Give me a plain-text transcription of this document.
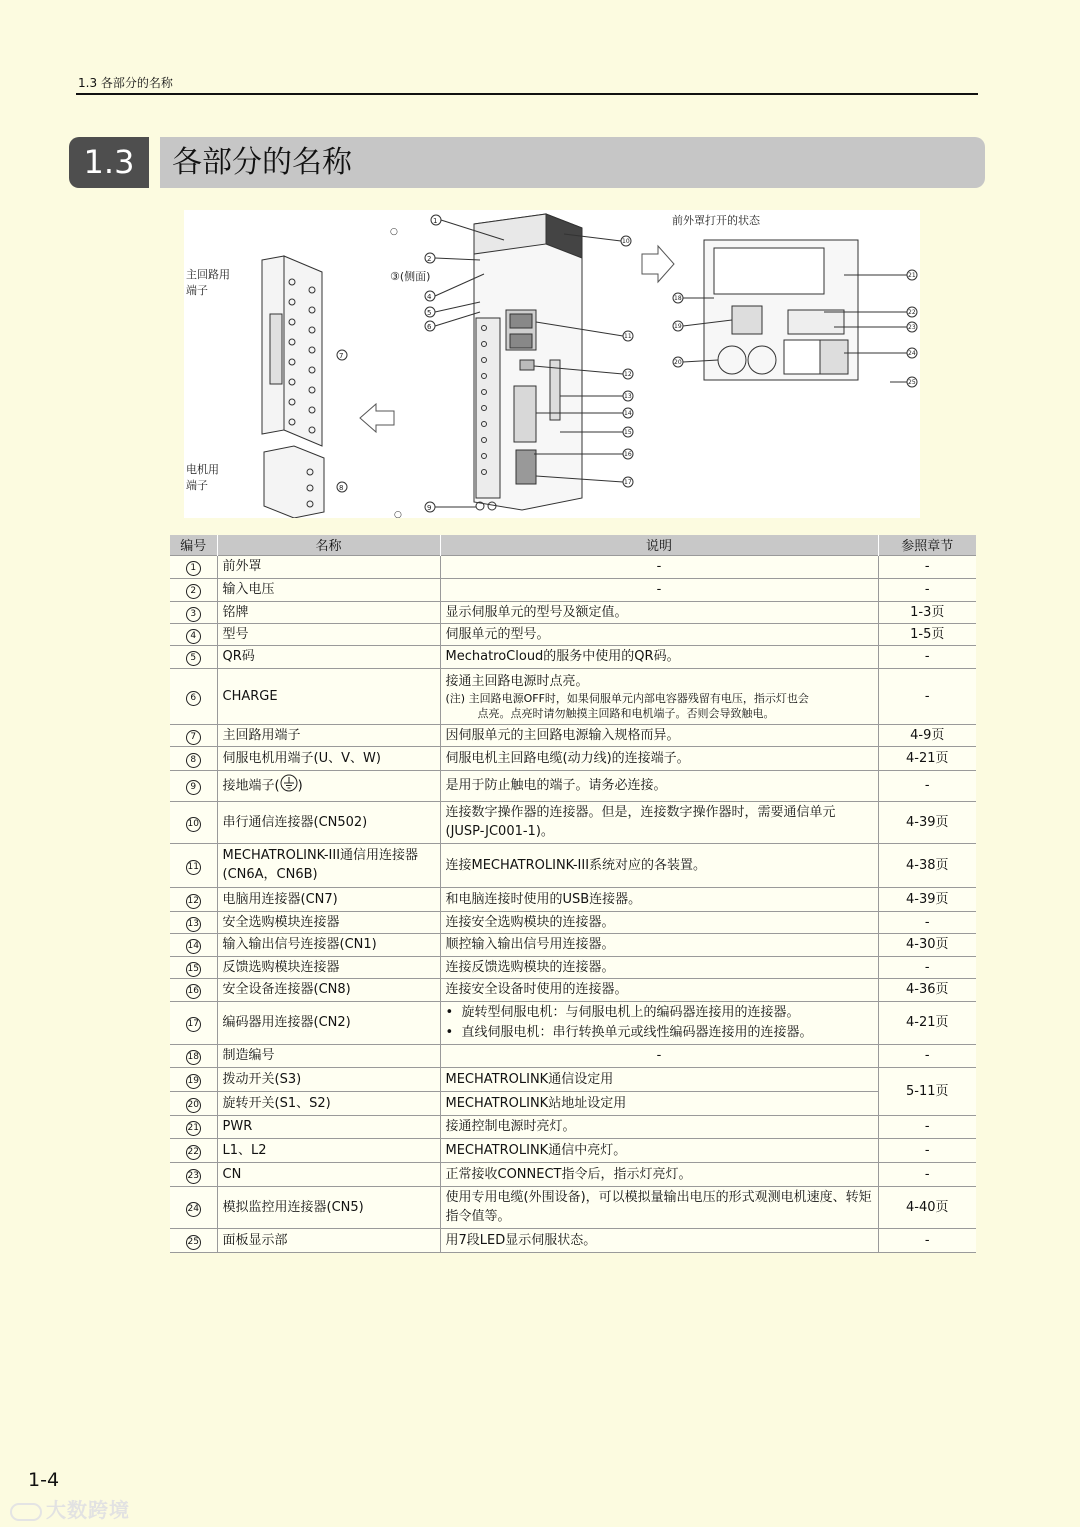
1.3 各部分的名称
1.3	各部分的名称
主回路用
端子
电机用
端子
7
8
○
○
③(侧面)
1
2
4
5
6
9
10
11
12
13
14
15
16
17
前外罩打开的状态
21
22
23
24
25
18
19
20
编号	名称	说明	参照章节
1	前外罩	-	-
2	输入电压	-	-
3	铭牌	显示伺服单元的型号及额定值。	1-3页
4	型号	伺服单元的型号。	1-5页
5	QR码	MechatroCloud的服务中使用的QR码。	-
6	CHARGE	接通主回路电源时点亮。
(注) 主回路电源OFF时，如果伺服单元内部电容器残留有电压，指示灯也会
点亮。点亮时请勿触摸主回路和电机端子。否则会导致触电。	-
7	主回路用端子	因伺服单元的主回路电源输入规格而异。	4-9页
8	伺服电机用端子(U、V、W)	伺服电机主回路电缆(动力线)的连接端子。	4-21页
9	接地端子( )	是用于防止触电的端子。请务必连接。	-
10	串行通信连接器(CN502)	连接数字操作器的连接器。但是，连接数字操作器时，需要通信单元(JUSP-JC001-1)。	4-39页
11	MECHATROLINK-III通信用连接器(CN6A，CN6B)	连接MECHATROLINK-III系统对应的各装置。	4-38页
12	电脑用连接器(CN7)	和电脑连接时使用的USB连接器。	4-39页
13	安全选购模块连接器	连接安全选购模块的连接器。	-
14	输入输出信号连接器(CN1)	顺控输入输出信号用连接器。	4-30页
15	反馈选购模块连接器	连接反馈选购模块的连接器。	-
16	安全设备连接器(CN8)	连接安全设备时使用的连接器。	4-36页
17	编码器用连接器(CN2)	•  旋转型伺服电机：与伺服电机上的编码器连接用的连接器。
•  直线伺服电机：串行转换单元或线性编码器连接用的连接器。	4-21页
18	制造编号	-	-
19	拨动开关(S3)	MECHATROLINK通信设定用	5-11页
20	旋转开关(S1、S2)	MECHATROLINK站地址设定用	
21	PWR	接通控制电源时亮灯。	-
22	L1、L2	MECHATROLINK通信中亮灯。	-
23	CN	正常接收CONNECT指令后，指示灯亮灯。	-
24	模拟监控用连接器(CN5)	使用专用电缆(外围设备)，可以模拟量输出电压的形式观测电机速度、转矩指令值等。	4-40页
25	面板显示部	用7段LED显示伺服状态。	-
1-4
大数跨境
